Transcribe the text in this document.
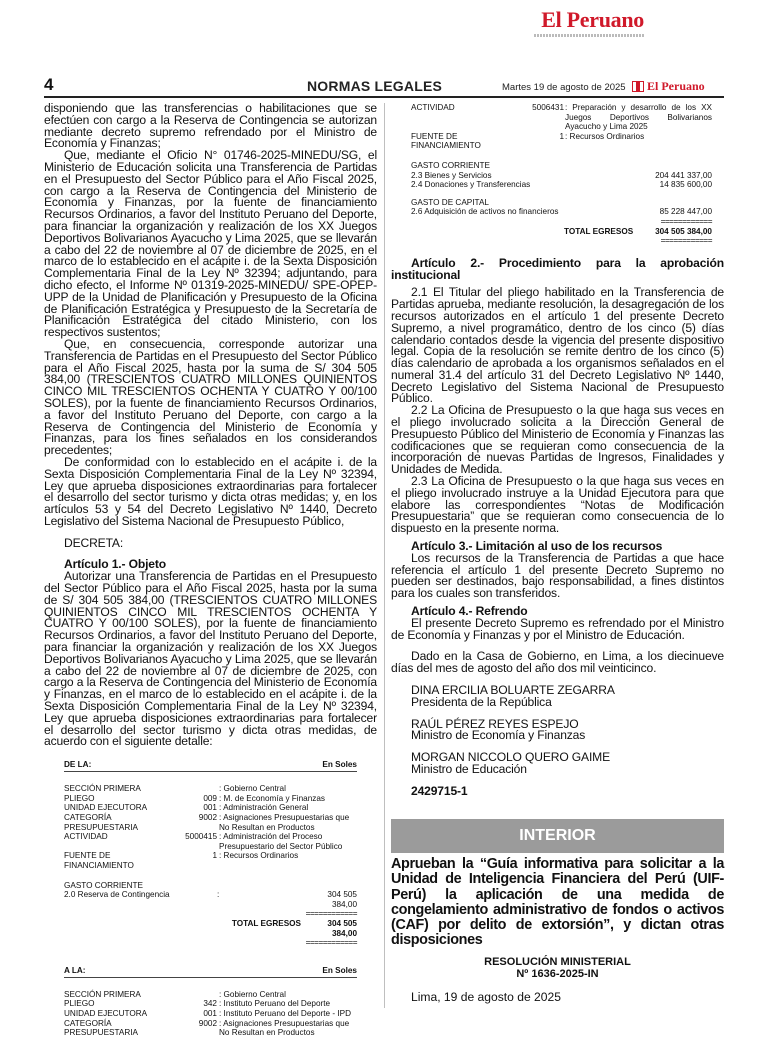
El Peruano
4	NORMAS LEGALES	Martes 19 de agosto de 2025 El Peruano

disponiendo que las transferencias o habilitaciones que se efectúen con cargo a la Reserva de Contingencia se autorizan mediante decreto supremo refrendado por el Ministro de Economía y Finanzas;

Que, mediante el Oficio N° 01746-2025-MINEDU/SG, el Ministerio de Educación solicita una Transferencia de Partidas en el Presupuesto del Sector Público para el Año Fiscal 2025, con cargo a la Reserva de Contingencia del Ministerio de Economía y Finanzas, por la fuente de financiamiento Recursos Ordinarios, a favor del Instituto Peruano del Deporte, para financiar la organización y realización de los XX Juegos Deportivos Bolivarianos Ayacucho y Lima 2025, que se llevarán a cabo del 22 de noviembre al 07 de diciembre de 2025, en el marco de lo establecido en el acápite i. de la Sexta Disposición Complementaria Final de la Ley Nº 32394; adjuntando, para dicho efecto, el Informe Nº 01319-2025-MINEDU/ SPE-OPEP-UPP de la Unidad de Planificación y Presupuesto de la Oficina de Planificación Estratégica y Presupuesto de la Secretaría de Planificación Estratégica del citado Ministerio, con los respectivos sustentos;

Que, en consecuencia, corresponde autorizar una Transferencia de Partidas en el Presupuesto del Sector Público para el Año Fiscal 2025, hasta por la suma de S/ 304 505 384,00 (TRESCIENTOS CUATRO MILLONES QUINIENTOS CINCO MIL TRESCIENTOS OCHENTA Y CUATRO Y 00/100 SOLES), por la fuente de financiamiento Recursos Ordinarios, a favor del Instituto Peruano del Deporte, con cargo a la Reserva de Contingencia del Ministerio de Economía y Finanzas, para los fines señalados en los considerandos precedentes;

De conformidad con lo establecido en el acápite i. de la Sexta Disposición Complementaria Final de la Ley Nº 32394, Ley que aprueba disposiciones extraordinarias para fortalecer el desarrollo del sector turismo y dicta otras medidas; y, en los artículos 53 y 54 del Decreto Legislativo Nº 1440, Decreto Legislativo del Sistema Nacional de Presupuesto Público,

DECRETA:

Artículo 1.- Objeto

Autorizar una Transferencia de Partidas en el Presupuesto del Sector Público para el Año Fiscal 2025, hasta por la suma de S/ 304 505 384,00 (TRESCIENTOS CUATRO MILLONES QUINIENTOS CINCO MIL TRESCIENTOS OCHENTA Y CUATRO Y 00/100 SOLES), por la fuente de financiamiento Recursos Ordinarios, a favor del Instituto Peruano del Deporte, para financiar la organización y realización de los XX Juegos Deportivos Bolivarianos Ayacucho y Lima 2025, que se llevarán a cabo del 22 de noviembre al 07 de diciembre de 2025, con cargo a la Reserva de Contingencia del Ministerio de Economía y Finanzas, en el marco de lo establecido en el acápite i. de la Sexta Disposición Complementaria Final de la Ley Nº 32394, Ley que aprueba disposiciones extraordinarias para fortalecer el desarrollo del sector turismo y dicta otras medidas, de acuerdo con el siguiente detalle:

DE LA:	En Soles
SECCIÓN PRIMERA		: Gobierno Central
PLIEGO	009	: M. de Economía y Finanzas
UNIDAD EJECUTORA	001	: Administración General
CATEGORÍA PRESUPUESTARIA	9002	: Asignaciones Presupuestarias que No Resultan en Productos
ACTIVIDAD	5000415	: Administración del Proceso Presupuestario del Sector Público
FUENTE DE FINANCIAMIENTO	1	: Recursos Ordinarios
GASTO CORRIENTE		
2.0 Reserva de Contingencia	:	304 505 384,00
		============
	TOTAL EGRESOS	304 505 384,00
		============
A LA:	En Soles
SECCIÓN PRIMERA		: Gobierno Central
PLIEGO	342	: Instituto Peruano del Deporte
UNIDAD EJECUTORA	001	: Instituto Peruano del Deporte - IPD
CATEGORÍA PRESUPUESTARIA	9002	: Asignaciones Presupuestarias que No Resultan en Productos
ACTIVIDAD	5006431	: Preparación y desarrollo de los XX Juegos Deportivos Bolivarianos Ayacucho y Lima 2025
FUENTE DE FINANCIAMIENTO	1	: Recursos Ordinarios
GASTO CORRIENTE		
2.3 Bienes y Servicios		204 441 337,00
2.4 Donaciones y Transferencias		14 835 600,00

GASTO DE CAPITAL		
2.6 Adquisición de activos no financieros		85 228 447,00
		============
	TOTAL EGRESOS	304 505 384,00
		============

Artículo 2.- Procedimiento para la aprobación institucional

2.1 El Titular del pliego habilitado en la Transferencia de Partidas aprueba, mediante resolución, la desagregación de los recursos autorizados en el artículo 1 del presente Decreto Supremo, a nivel programático, dentro de los cinco (5) días calendario contados desde la vigencia del presente dispositivo legal. Copia de la resolución se remite dentro de los cinco (5) días calendario de aprobada a los organismos señalados en el numeral 31.4 del artículo 31 del Decreto Legislativo Nº 1440, Decreto Legislativo del Sistema Nacional de Presupuesto Público.

2.2 La Oficina de Presupuesto o la que haga sus veces en el pliego involucrado solicita a la Dirección General de Presupuesto Público del Ministerio de Economía y Finanzas las codificaciones que se requieran como consecuencia de la incorporación de nuevas Partidas de Ingresos, Finalidades y Unidades de Medida.

2.3 La Oficina de Presupuesto o la que haga sus veces en el pliego involucrado instruye a la Unidad Ejecutora para que elabore las correspondientes “Notas de Modificación Presupuestaria” que se requieran como consecuencia de lo dispuesto en la presente norma.

Artículo 3.- Limitación al uso de los recursos

Los recursos de la Transferencia de Partidas a que hace referencia el artículo 1 del presente Decreto Supremo no pueden ser destinados, bajo responsabilidad, a fines distintos para los cuales son transferidos.

Artículo 4.- Refrendo

El presente Decreto Supremo es refrendado por el Ministro de Economía y Finanzas y por el Ministro de Educación.

Dado en la Casa de Gobierno, en Lima, a los diecinueve días del mes de agosto del año dos mil veinticinco.

DINA ERCILIA BOLUARTE ZEGARRA

Presidenta de la República

RAÚL PÉREZ REYES ESPEJO

Ministro de Economía y Finanzas

MORGAN NICCOLO QUERO GAIME

Ministro de Educación

2429715-1

INTERIOR
Aprueban la “Guía informativa para solicitar a la Unidad de Inteligencia Financiera del Perú (UIF-Perú) la aplicación de una medida de congelamiento administrativo de fondos o activos (CAF) por delito de extorsión”, y dictan otras disposiciones
RESOLUCIÓN MINISTERIAL
Nº 1636-2025-IN
Lima, 19 de agosto de 2025
